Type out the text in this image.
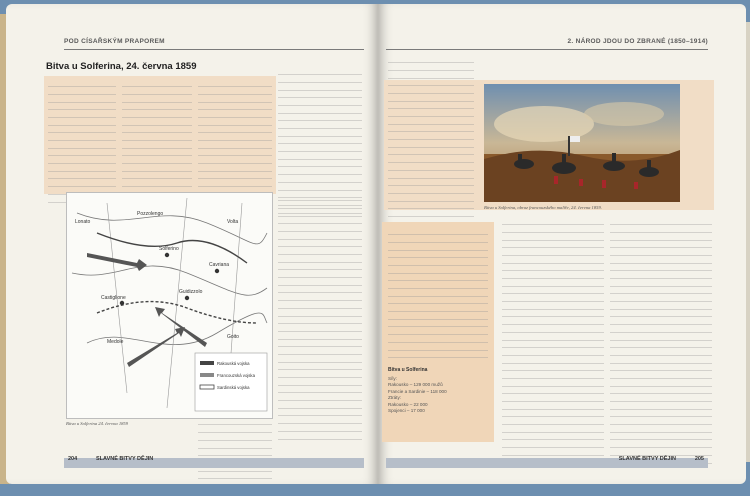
POD CÍSAŘSKÝM PRAPOREM
Bitva u Solferina, 24. června 1859
Solferino
Cavriana
Castiglione
Guidizzolo
Volta
Pozzolengo
Medole
Goito
Lonato
Rakouská vojska
Francouzská vojska
Sardinská vojska
Bitva u Solferina 24. června 1859
204	SLAVNÉ BITVY DĚJIN
2. NÁROD JDOU DO ZBRANÉ (1850–1914)
Bitva u Solferina, obraz francouzského malíře, 24. června 1859.
Bitva u Solferina
Síly:
Rakousko – 129 000 mužů
Francie a Sardinie – 118 000
Ztráty:
Rakousko – 22 000
Spojenci – 17 000
SLAVNÉ BITVY DĚJIN	205
